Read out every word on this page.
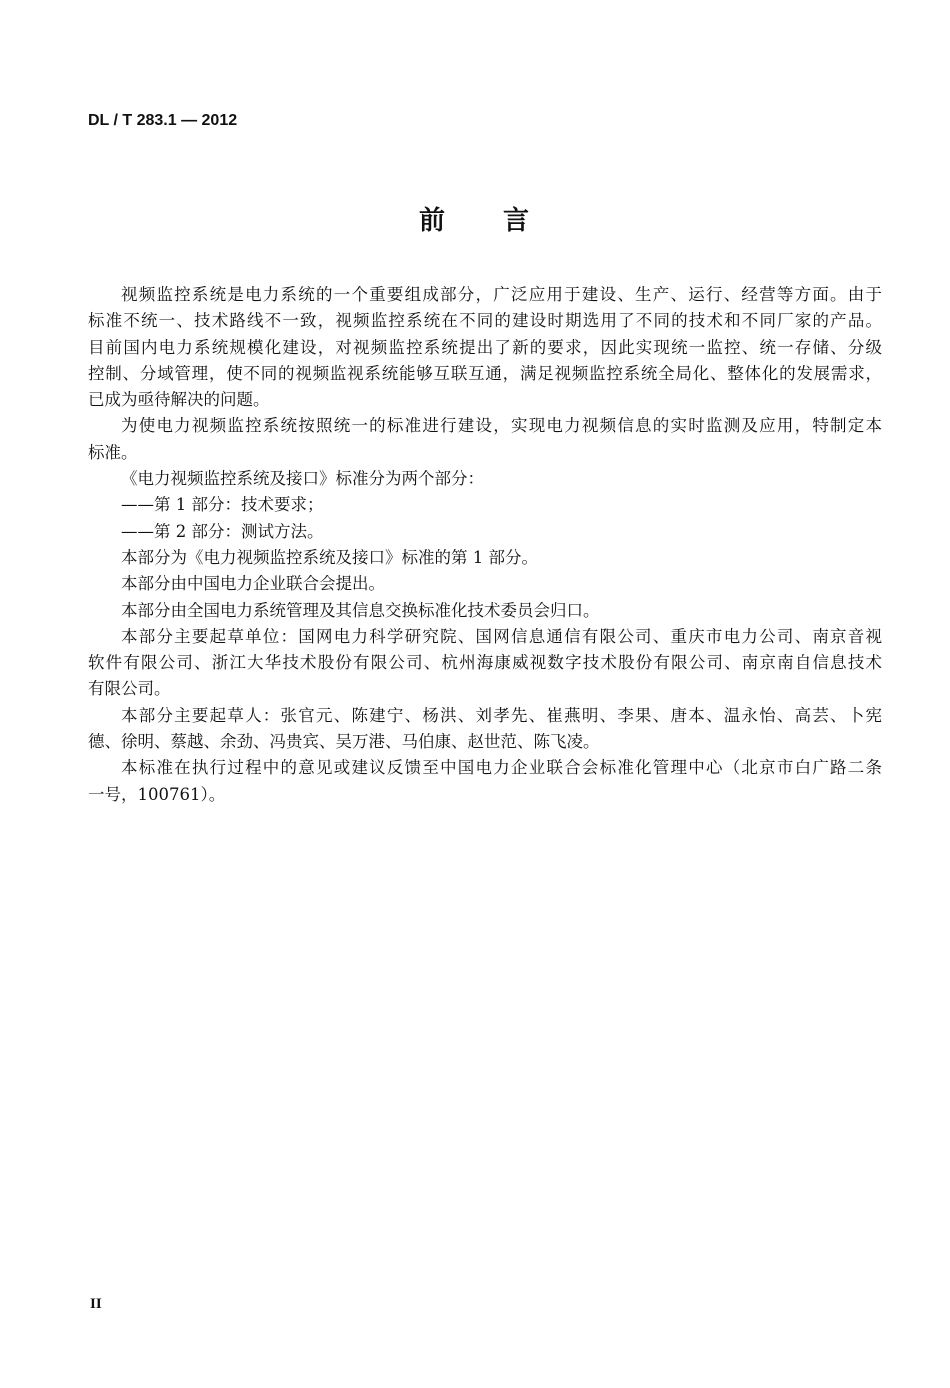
DL / T 283.1 — 2012
前　　言
视频监控系统是电力系统的一个重要组成部分，广泛应用于建设、生产、运行、经营等方面。由于
标准不统一、技术路线不一致，视频监控系统在不同的建设时期选用了不同的技术和不同厂家的产品。
目前国内电力系统规模化建设，对视频监控系统提出了新的要求，因此实现统一监控、统一存储、分级
控制、分域管理，使不同的视频监视系统能够互联互通，满足视频监控系统全局化、整体化的发展需求，
已成为亟待解决的问题。
为使电力视频监控系统按照统一的标准进行建设，实现电力视频信息的实时监测及应用，特制定本
标准。
《电力视频监控系统及接口》标准分为两个部分：
——第 1 部分：技术要求；
——第 2 部分：测试方法。
本部分为《电力视频监控系统及接口》标准的第 1 部分。
本部分由中国电力企业联合会提出。
本部分由全国电力系统管理及其信息交换标准化技术委员会归口。
本部分主要起草单位：国网电力科学研究院、国网信息通信有限公司、重庆市电力公司、南京音视
软件有限公司、浙江大华技术股份有限公司、杭州海康威视数字技术股份有限公司、南京南自信息技术
有限公司。
本部分主要起草人：张官元、陈建宁、杨洪、刘孝先、崔燕明、李果、唐本、温永怡、高芸、卜宪
德、徐明、蔡越、余劲、冯贵宾、吴万港、马伯康、赵世范、陈飞凌。
本标准在执行过程中的意见或建议反馈至中国电力企业联合会标准化管理中心（北京市白广路二条
一号，100761）。
II
